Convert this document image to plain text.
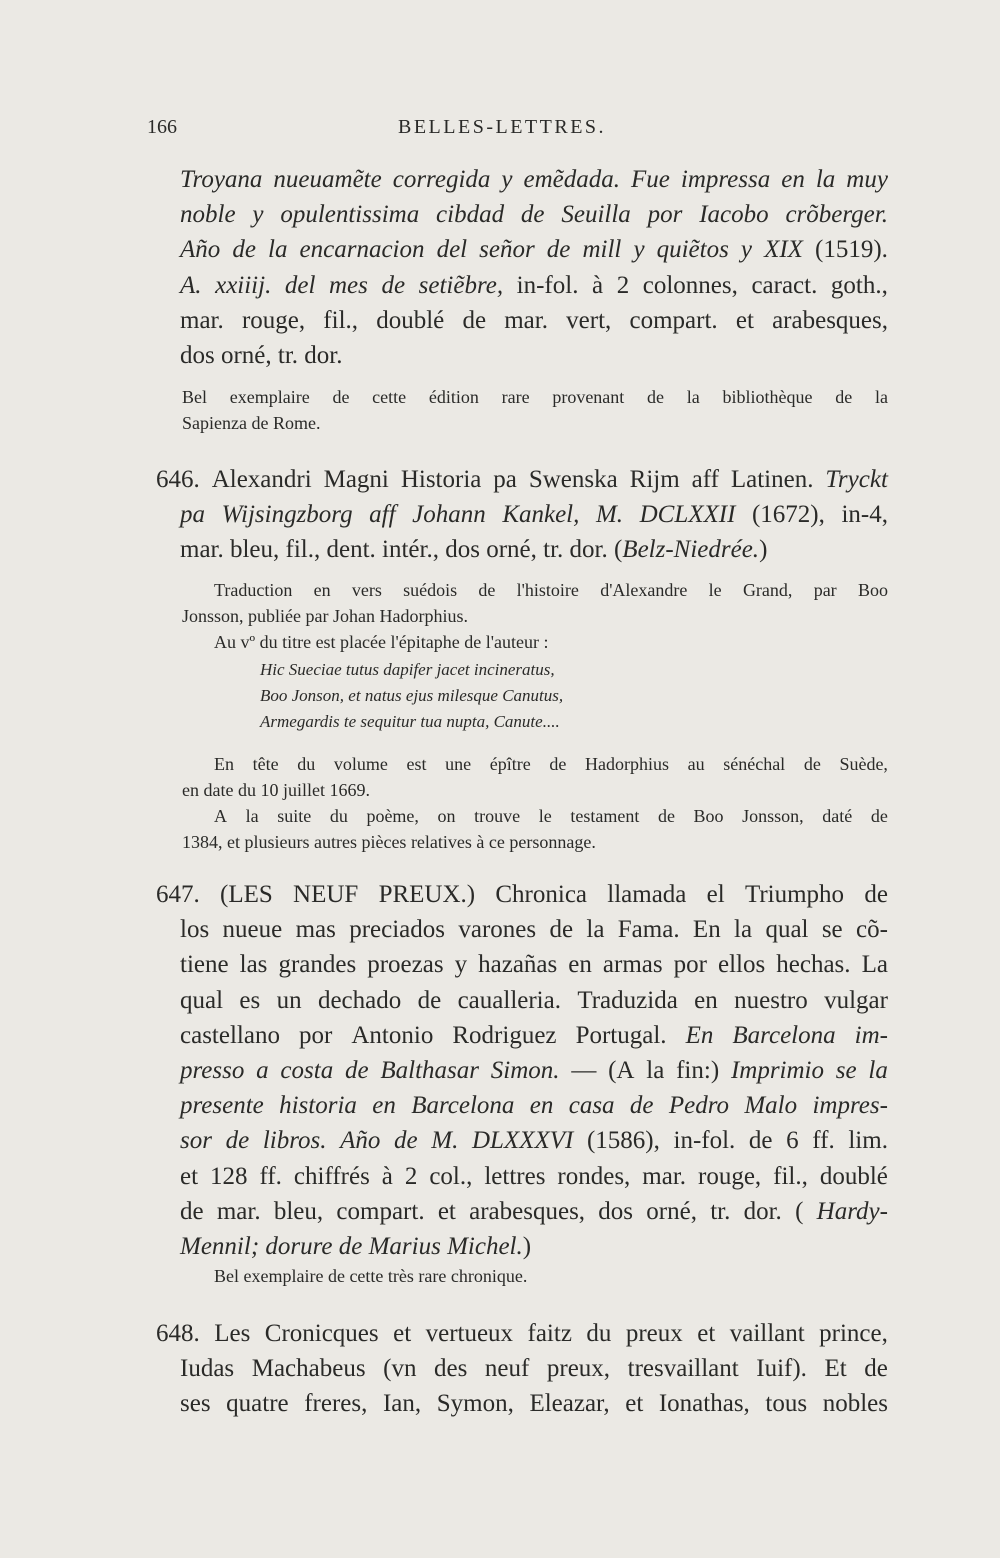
166	BELLES-LETTRES.
Troyana nueuamẽte corregida y emẽdada. Fue impressa en la muy
noble y opulentissima cibdad de Seuilla por Iacobo crõberger.
Año de la encarnacion del señor de mill y quiẽtos y XIX (1519).
A. xxiiij. del mes de setiẽbre, in-fol. à 2 colonnes, caract. goth.,
mar. rouge, fil., doublé de mar. vert, compart. et arabesques,
dos orné, tr. dor.
Bel exemplaire de cette édition rare provenant de la bibliothèque de la
Sapienza de Rome.
646. Alexandri Magni Historia pa Swenska Rijm aff Latinen. Tryckt
pa Wijsingzborg aff Johann Kankel, M. DCLXXII (1672), in-4,
mar. bleu, fil., dent. intér., dos orné, tr. dor. ( Belz-Niedrée. )
Traduction en vers suédois de l'histoire d'Alexandre le Grand, par Boo
Jonsson, publiée par Johan Hadorphius.
Au vº du titre est placée l'épitaphe de l'auteur :
Hic Sueciae tutus dapifer jacet incineratus,
Boo Jonson, et natus ejus milesque Canutus,
Armegardis te sequitur tua nupta, Canute....
En tête du volume est une épître de Hadorphius au sénéchal de Suède,
en date du 10 juillet 1669.
A la suite du poème, on trouve le testament de Boo Jonsson, daté de
1384, et plusieurs autres pièces relatives à ce personnage.
647. (LES NEUF PREUX.) Chronica llamada el Triumpho de
los nueue mas preciados varones de la Fama. En la qual se cõ-
tiene las grandes proezas y hazañas en armas por ellos hechas. La
qual es un dechado de caualleria. Traduzida en nuestro vulgar
castellano por Antonio Rodriguez Portugal. En Barcelona im-
presso a costa de Balthasar Simon. — (A la fin:) Imprimio se la
presente historia en Barcelona en casa de Pedro Malo impres-
sor de libros. Año de M. DLXXXVI (1586), in-fol. de 6 ff. lim.
et 128 ff. chiffrés à 2 col., lettres rondes, mar. rouge, fil., doublé
de mar. bleu, compart. et arabesques, dos orné, tr. dor. ( Hardy-
Mennil; dorure de Marius Michel. )
Bel exemplaire de cette très rare chronique.
648. Les Cronicques et vertueux faitz du preux et vaillant prince,
Iudas Machabeus (vn des neuf preux, tresvaillant Iuif). Et de
ses quatre freres, Ian, Symon, Eleazar, et Ionathas, tous nobles
